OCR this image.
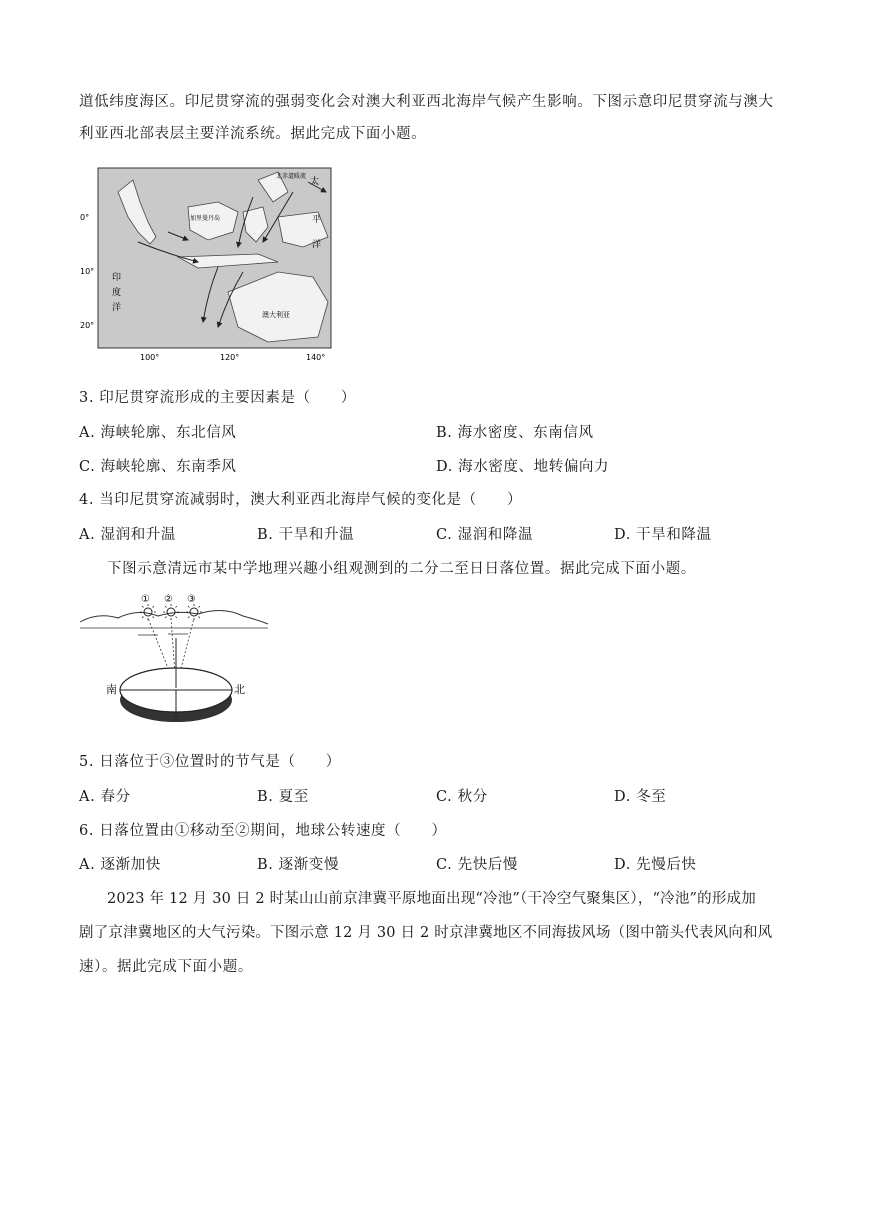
道低纬度海区。印尼贯穿流的强弱变化会对澳大利亚西北海岸气候产生影响。下图示意印尼贯穿流与澳大
利亚西北部表层主要洋流系统。据此完成下面小题。
0°
10°
20°
100°	120°	140°
印
度
洋
太
平
洋
澳大利亚
加里曼丹岛
北赤道暖流
3. 印尼贯穿流形成的主要因素是（　　）
A. 海峡轮廓、东北信风	B. 海水密度、东南信风
C. 海峡轮廓、东南季风	D. 海水密度、地转偏向力
4. 当印尼贯穿流减弱时，澳大利亚西北海岸气候的变化是（　　）
A. 湿润和升温	B. 干旱和升温	C. 湿润和降温	D. 干旱和降温
下图示意清远市某中学地理兴趣小组观测到的二分二至日日落位置。据此完成下面小题。
① ② ③
南	北
5. 日落位于③位置时的节气是（　　）
A. 春分	B. 夏至	C. 秋分	D. 冬至
6. 日落位置由①移动至②期间，地球公转速度（　　）
A. 逐渐加快	B. 逐渐变慢	C. 先快后慢	D. 先慢后快
2023 年 12 月 30 日 2 时某山山前京津冀平原地面出现“冷池”（干冷空气聚集区），“冷池”的形成加
剧了京津冀地区的大气污染。下图示意 12 月 30 日 2 时京津冀地区不同海拔风场（图中箭头代表风向和风
速）。据此完成下面小题。
